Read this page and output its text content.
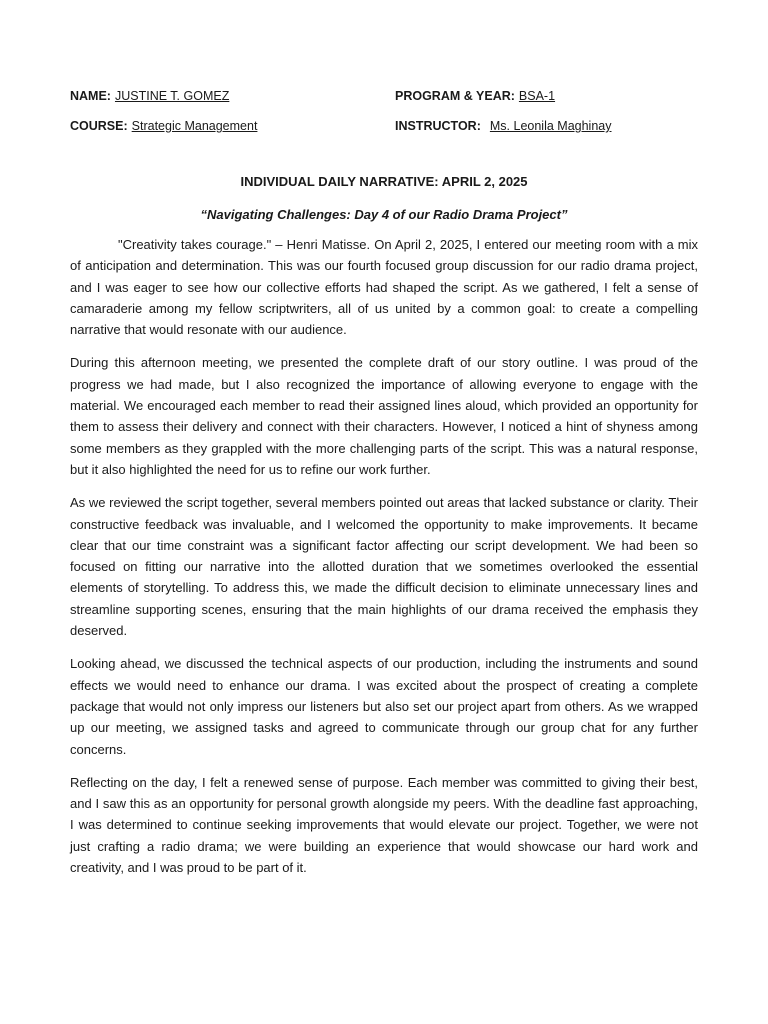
NAME: JUSTINE T. GOMEZ	PROGRAM & YEAR: BSA-1
COURSE: Strategic Management	INSTRUCTOR: Ms. Leonila Maghinay
INDIVIDUAL DAILY NARRATIVE: APRIL 2, 2025
“Navigating Challenges: Day 4 of our Radio Drama Project”

"Creativity takes courage." – Henri Matisse. On April 2, 2025, I entered our meeting room with a mix of anticipation and determination. This was our fourth focused group discussion for our radio drama project, and I was eager to see how our collective efforts had shaped the script. As we gathered, I felt a sense of camaraderie among my fellow scriptwriters, all of us united by a common goal: to create a compelling narrative that would resonate with our audience.

During this afternoon meeting, we presented the complete draft of our story outline. I was proud of the progress we had made, but I also recognized the importance of allowing everyone to engage with the material. We encouraged each member to read their assigned lines aloud, which provided an opportunity for them to assess their delivery and connect with their characters. However, I noticed a hint of shyness among some members as they grappled with the more challenging parts of the script. This was a natural response, but it also highlighted the need for us to refine our work further.

As we reviewed the script together, several members pointed out areas that lacked substance or clarity. Their constructive feedback was invaluable, and I welcomed the opportunity to make improvements. It became clear that our time constraint was a significant factor affecting our script development. We had been so focused on fitting our narrative into the allotted duration that we sometimes overlooked the essential elements of storytelling. To address this, we made the difficult decision to eliminate unnecessary lines and streamline supporting scenes, ensuring that the main highlights of our drama received the emphasis they deserved.

Looking ahead, we discussed the technical aspects of our production, including the instruments and sound effects we would need to enhance our drama. I was excited about the prospect of creating a complete package that would not only impress our listeners but also set our project apart from others. As we wrapped up our meeting, we assigned tasks and agreed to communicate through our group chat for any further concerns.

Reflecting on the day, I felt a renewed sense of purpose. Each member was committed to giving their best, and I saw this as an opportunity for personal growth alongside my peers. With the deadline fast approaching, I was determined to continue seeking improvements that would elevate our project. Together, we were not just crafting a radio drama; we were building an experience that would showcase our hard work and creativity, and I was proud to be part of it.
